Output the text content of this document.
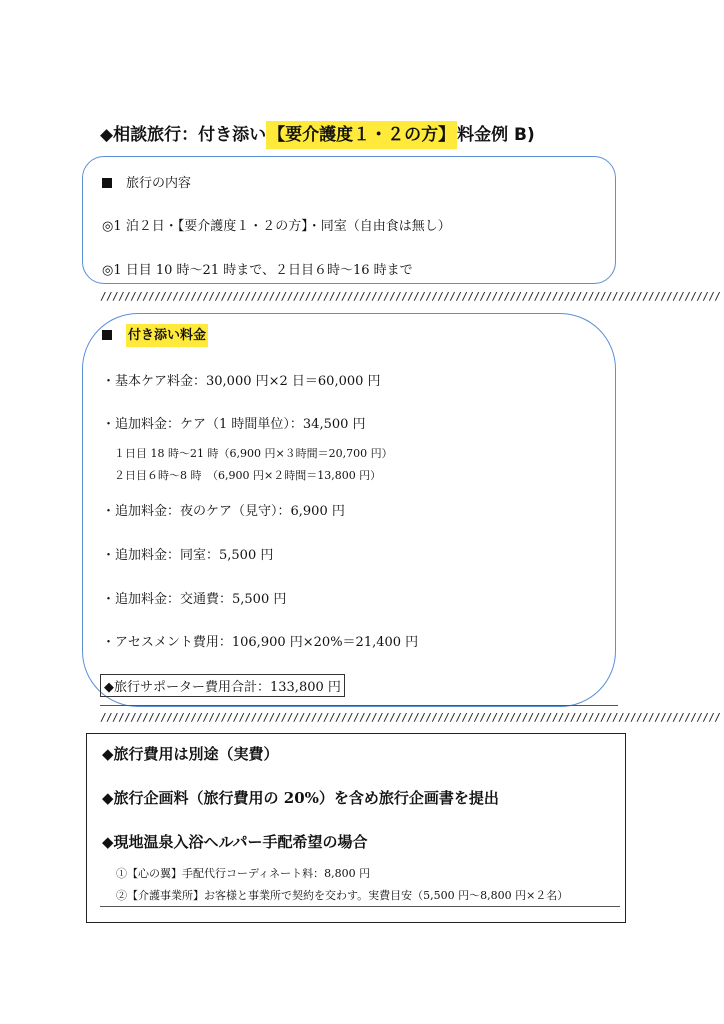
◆相談旅行：付き添い 【要介護度１・２の方】 料金例 B)
旅行の内容
◎1 泊２日・【要介護度１・２の方】・同室（自由食は無し）
◎1 日目 10 時〜21 時まで、２日目６時〜16 時まで
///////////////////////////////////////////////////////////////////////////////////////////////////////
付き添い料金
・基本ケア料金：30,000 円×2 日＝60,000 円
・追加料金：ケア（1 時間単位）：34,500 円
１日目 18 時〜21 時（6,900 円×３時間＝20,700 円）
２日目６時〜8 時　（6,900 円×２時間＝13,800 円）
・追加料金：夜のケア（見守）：6,900 円
・追加料金：同室：5,500 円
・追加料金：交通費：5,500 円
・アセスメント費用：106,900 円×20%＝21,400 円
◆旅行サポーター費用合計：133,800 円
///////////////////////////////////////////////////////////////////////////////////////////////////////
◆旅行費用は別途（実費）
◆旅行企画料（旅行費用の 20%）を含め旅行企画書を提出
◆現地温泉入浴ヘルパー手配希望の場合
①【心の翼】手配代行コーディネート料：8,800 円
②【介護事業所】お客様と事業所で契約を交わす。実費目安（5,500 円〜8,800 円×２名）
